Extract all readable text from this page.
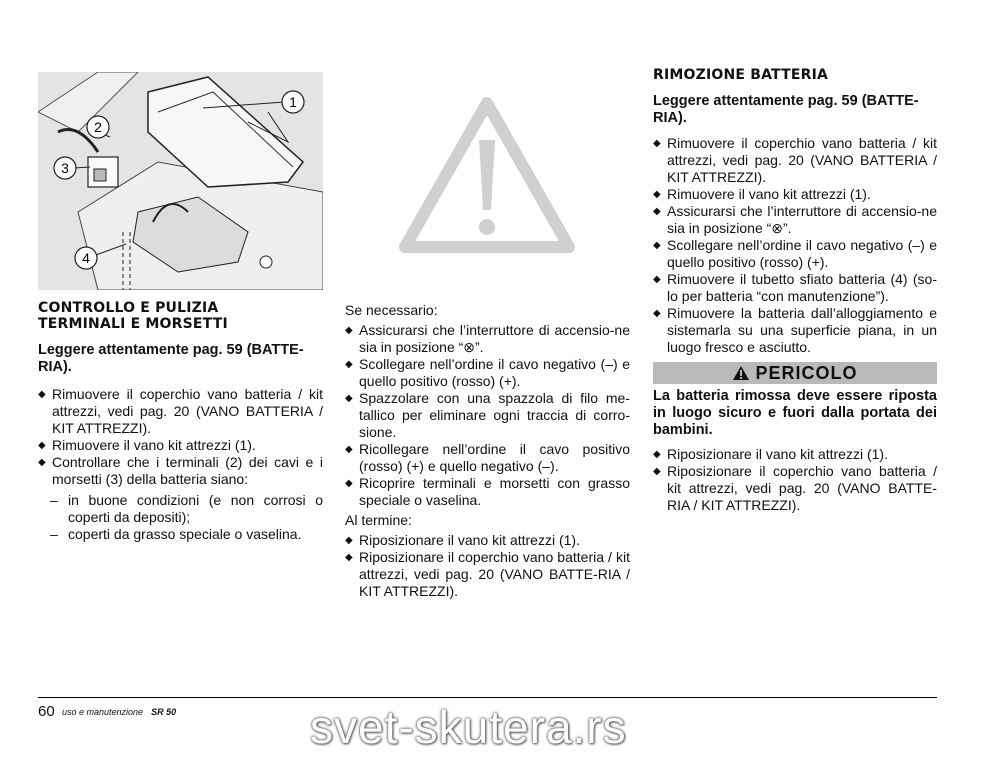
1
2
3
4

CONTROLLO E PULIZIA

TERMINALI E MORSETTI

Leggere attentamente pag. 59 (BATTE-RIA).

◆ Rimuovere il coperchio vano batteria / kit attrezzi, vedi pag. 20 (VANO BATTERIA / KIT ATTREZZI).
◆ Rimuovere il vano kit attrezzi (1).
◆ Controllare che i terminali (2) dei cavi e i morsetti (3) della batteria siano:
– in buone condizioni (e non corrosi o coperti da depositi);
– coperti da grasso speciale o vaselina.

Se necessario:

◆ Assicurarsi che l’interruttore di accensio-ne sia in posizione “⊗”.
◆ Scollegare nell’ordine il cavo negativo (–) e quello positivo (rosso) (+).
◆ Spazzolare con una spazzola di filo me-tallico per eliminare ogni traccia di corro-sione.
◆ Ricollegare nell’ordine il cavo positivo (rosso) (+) e quello negativo (–).
◆ Ricoprire terminali e morsetti con grasso speciale o vaselina.

Al termine:

◆ Riposizionare il vano kit attrezzi (1).
◆ Riposizionare il coperchio vano batteria / kit attrezzi, vedi pag. 20 (VANO BATTE-RIA / KIT ATTREZZI).

RIMOZIONE BATTERIA

Leggere attentamente pag. 59 (BATTE-RIA).

◆ Rimuovere il coperchio vano batteria / kit attrezzi, vedi pag. 20 (VANO BATTERIA / KIT ATTREZZI).
◆ Rimuovere il vano kit attrezzi (1).
◆ Assicurarsi che l’interruttore di accensio-ne sia in posizione “⊗”.
◆ Scollegare nell’ordine il cavo negativo (–) e quello positivo (rosso) (+).
◆ Rimuovere il tubetto sfiato batteria (4) (so-lo per batteria “con manutenzione”).
◆ Rimuovere la batteria dall’alloggiamento e sistemarla su una superficie piana, in un luogo fresco e asciutto.
PERICOLO

La batteria rimossa deve essere riposta in luogo sicuro e fuori dalla portata dei bambini.

◆ Riposizionare il vano kit attrezzi (1).
◆ Riposizionare il coperchio vano batteria / kit attrezzi, vedi pag. 20 (VANO BATTE-RIA / KIT ATTREZZI).
60 uso e manutenzione SR 50	svet-skutera.rs
